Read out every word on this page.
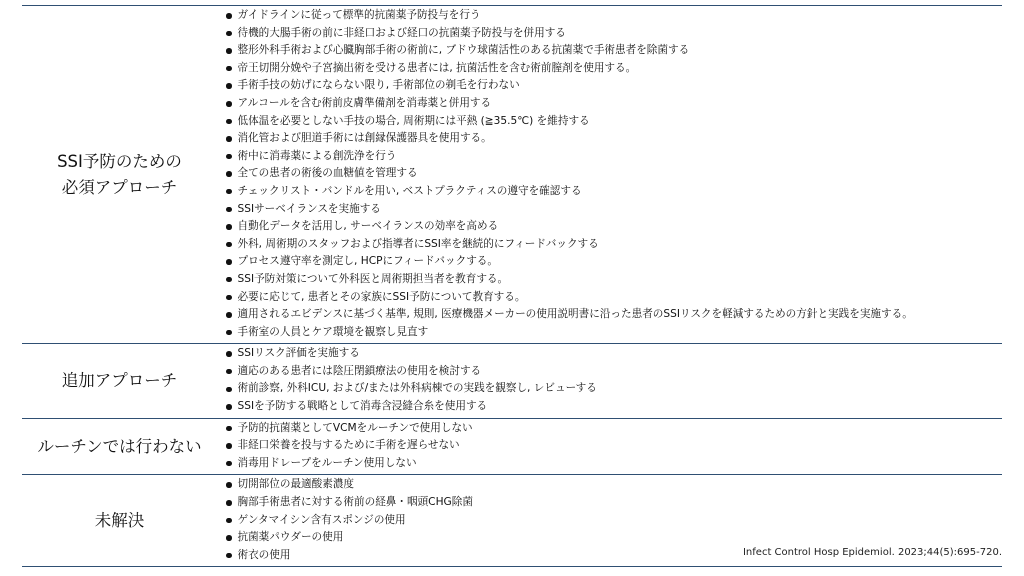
SSI予防のための
必須アプローチ
ガイドラインに従って標準的抗菌薬予防投与を行う
待機的大腸手術の前に非経口および経口の抗菌薬予防投与を併用する
整形外科手術および心臓胸部手術の術前に, ブドウ球菌活性のある抗菌薬で手術患者を除菌する
帝王切開分娩や子宮摘出術を受ける患者には, 抗菌活性を含む術前膣剤を使用する。
手術手技の妨げにならない限り, 手術部位の剃毛を行わない
アルコールを含む術前皮膚準備剤を消毒薬と併用する
低体温を必要としない手技の場合, 周術期には平熱 (≧35.5℃) を維持する
消化管および胆道手術には創縁保護器具を使用する。
術中に消毒薬による創洗浄を行う
全ての患者の術後の血糖値を管理する
チェックリスト・バンドルを用い, ベストプラクティスの遵守を確認する
SSIサーベイランスを実施する
自動化データを活用し, サーベイランスの効率を高める
外科, 周術期のスタッフおよび指導者にSSI率を継続的にフィードバックする
プロセス遵守率を測定し, HCPにフィードバックする。
SSI予防対策について外科医と周術期担当者を教育する。
必要に応じて, 患者とその家族にSSI予防について教育する。
適用されるエビデンスに基づく基準, 規則, 医療機器メーカーの使用説明書に沿った患者のSSIリスクを軽減するための方針と実践を実施する。
手術室の人員とケア環境を観察し見直す
追加アプローチ
SSIリスク評価を実施する
適応のある患者には陰圧閉鎖療法の使用を検討する
術前診察, 外科ICU, および/または外科病棟での実践を観察し, レビューする
SSIを予防する戦略として消毒含浸縫合糸を使用する
ルーチンでは行わない
予防的抗菌薬としてVCMをルーチンで使用しない
非経口栄養を投与するために手術を遅らせない
消毒用ドレープをルーチン使用しない
未解決
切開部位の最適酸素濃度
胸部手術患者に対する術前の経鼻・咽頭CHG除菌
ゲンタマイシン含有スポンジの使用
抗菌薬パウダーの使用
術衣の使用	Infect Control Hosp Epidemiol. 2023;44(5):695-720.
